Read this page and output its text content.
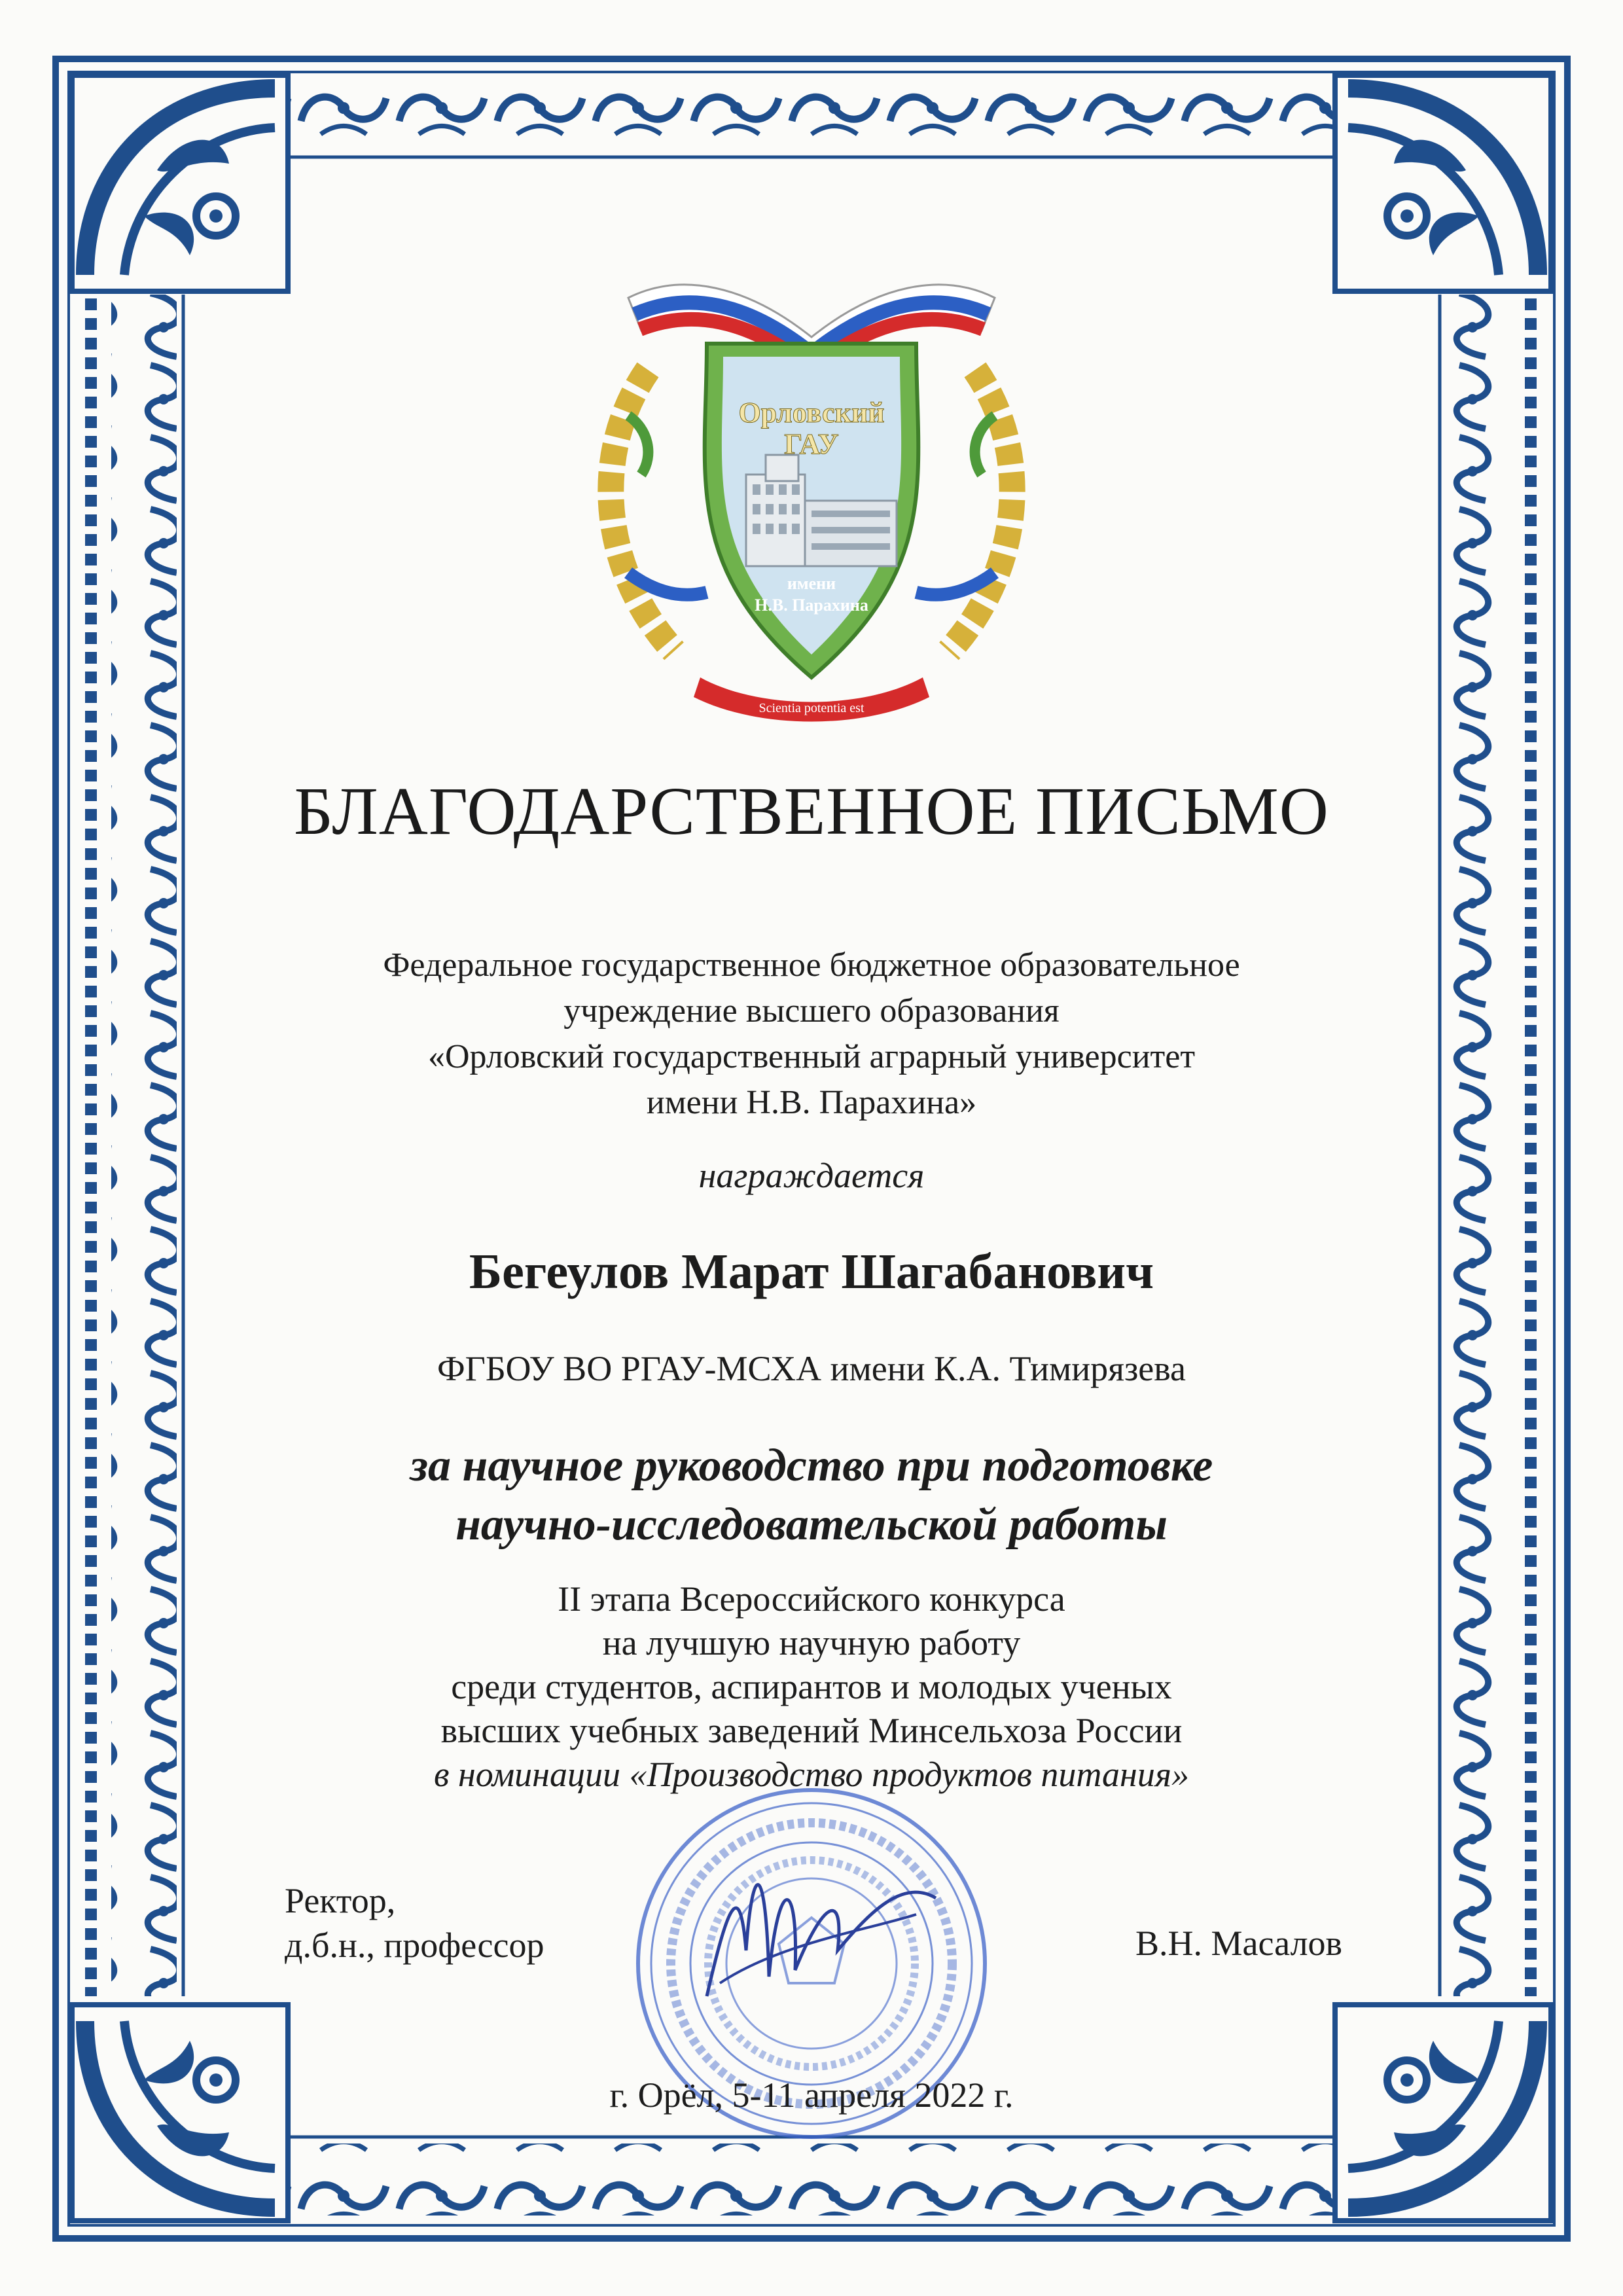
Орловский
ГАУ
имени
Н.В. Парахина
Scientia potentia est
БЛАГОДАРСТВЕННОЕ ПИСЬМО
Федеральное государственное бюджетное образовательное
учреждение высшего образования
«Орловский государственный аграрный университет
имени Н.В. Парахина»
награждается
Бегеулов Марат Шагабанович
ФГБОУ ВО РГАУ-МСХА имени К.А. Тимирязева
за научное руководство при подготовке
научно-исследовательской работы
II этапа Всероссийского конкурса
на лучшую научную работу
среди студентов, аспирантов и молодых ученых
высших учебных заведений Минсельхоза России
в номинации «Производство продуктов питания»
Ректор,
д.б.н., профессор	В.Н. Масалов
г. Орёл, 5-11 апреля 2022 г.
